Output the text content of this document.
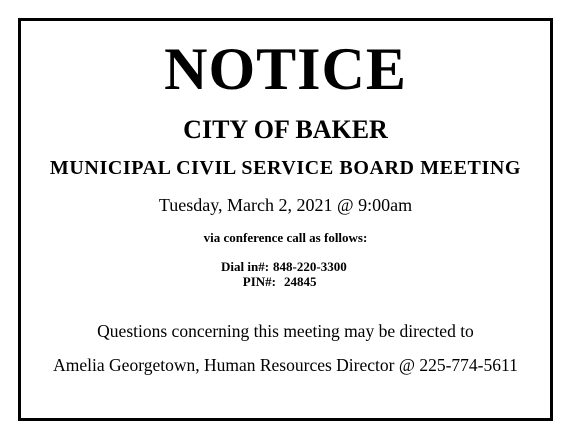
NOTICE
CITY OF BAKER
MUNICIPAL CIVIL SERVICE BOARD MEETING
Tuesday, March 2, 2021 @ 9:00am
via conference call as follows:
Dial in#: 848-220-3300
PIN#: 24845
Questions concerning this meeting may be directed to
Amelia Georgetown, Human Resources Director @ 225-774-5611
